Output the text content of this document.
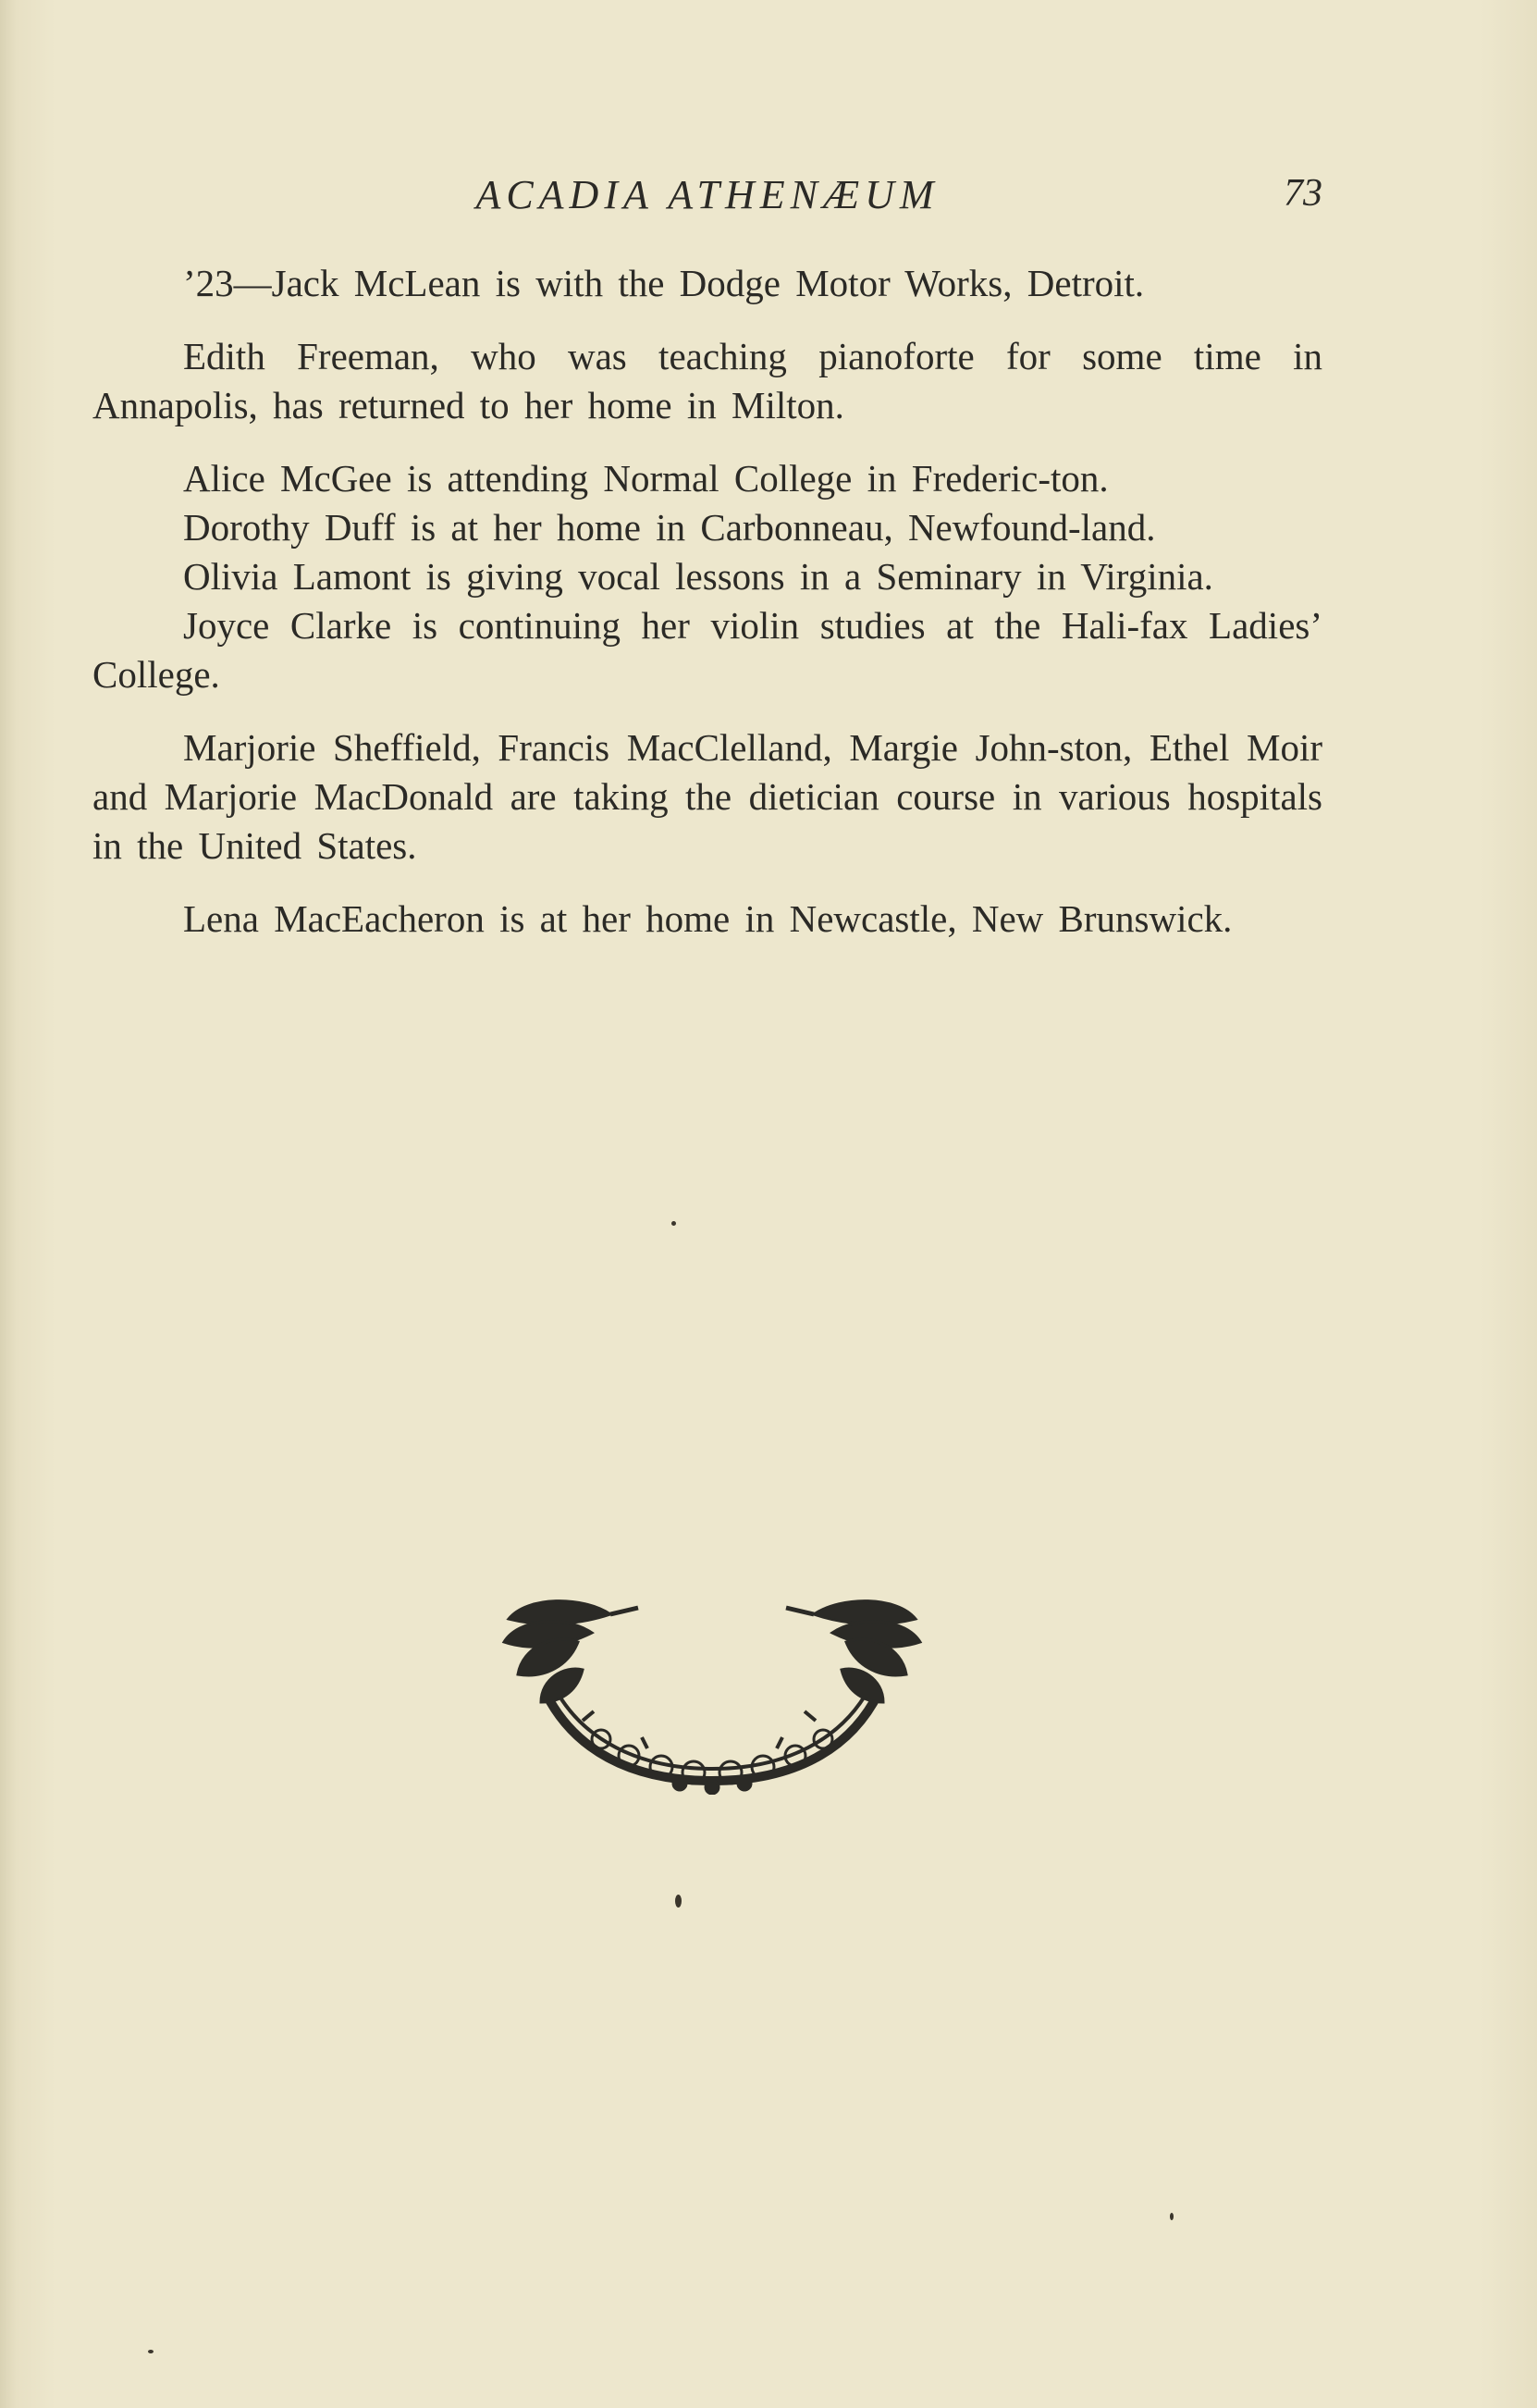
ACADIA ATHENÆUM	73

’23—Jack McLean is with the Dodge Motor Works, Detroit.

Edith Freeman, who was teaching pianoforte for some time in Annapolis, has returned to her home in Milton.

Alice McGee is attending Normal College in Frederic-ton.

Dorothy Duff is at her home in Carbonneau, Newfound-land.

Olivia Lamont is giving vocal lessons in a Seminary in Virginia.

Joyce Clarke is continuing her violin studies at the Hali-fax Ladies’ College.

Marjorie Sheffield, Francis MacClelland, Margie John-ston, Ethel Moir and Marjorie MacDonald are taking the dietician course in various hospitals in the United States.

Lena MacEacheron is at her home in Newcastle, New Brunswick.
